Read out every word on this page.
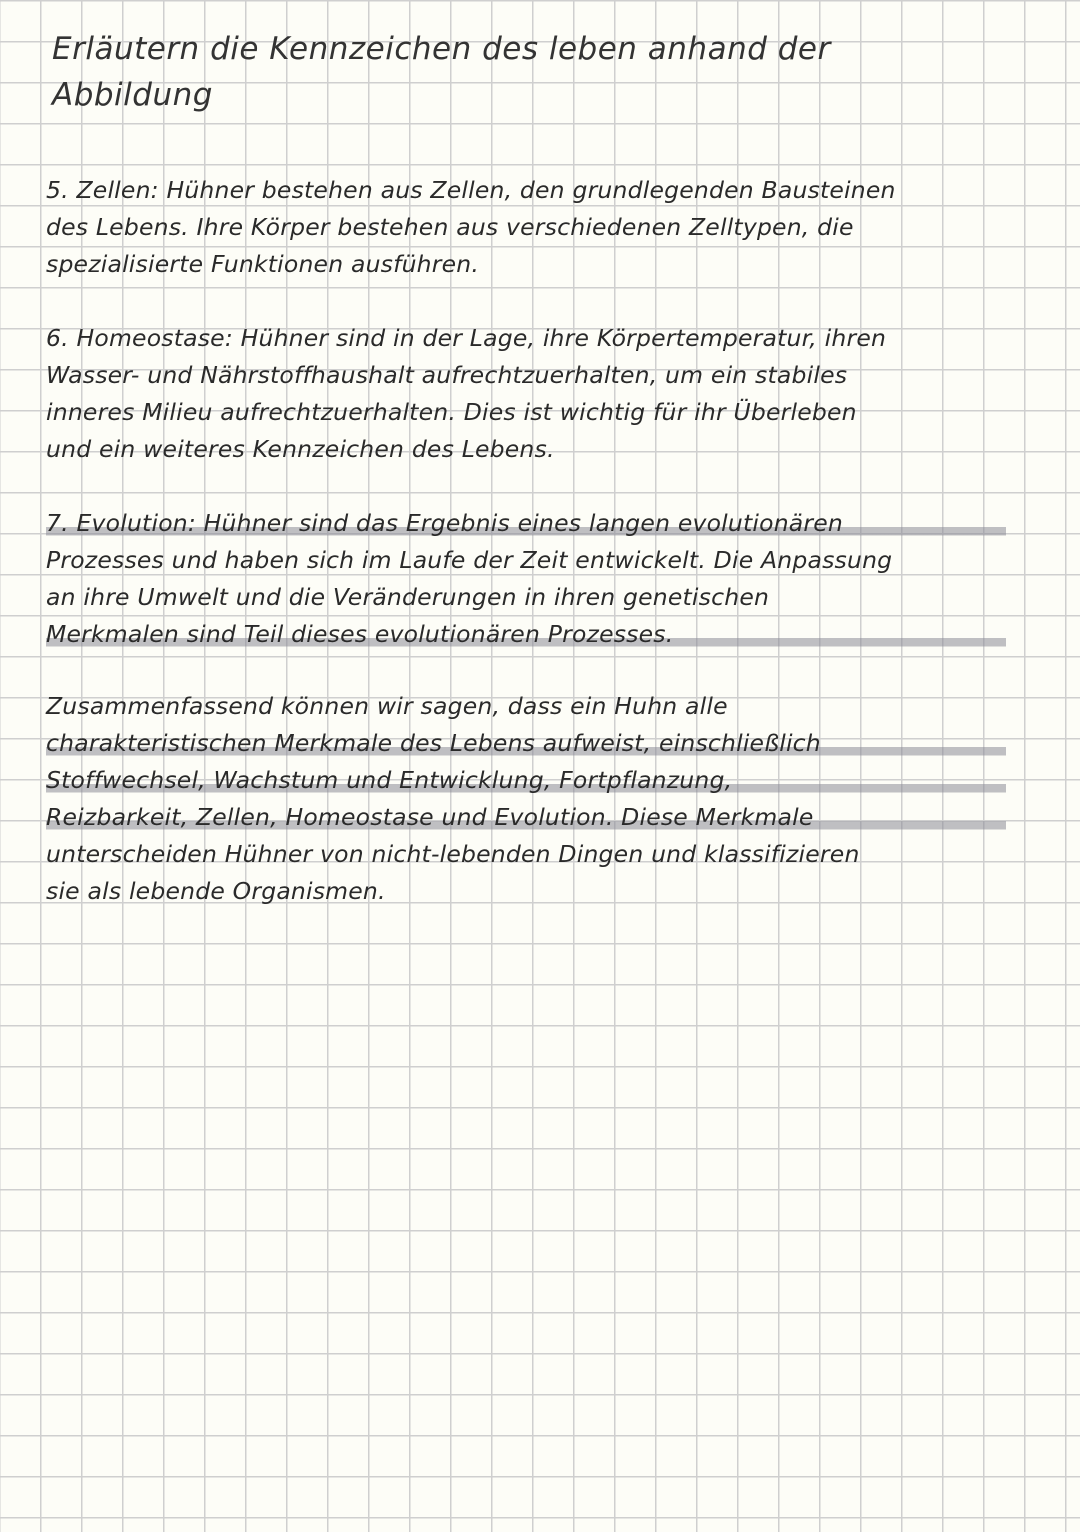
Erläutern die Kennzeichen des leben anhand der
Abbildung
5. Zellen: Hühner bestehen aus Zellen, den grundlegenden Bausteinen
des Lebens. Ihre Körper bestehen aus verschiedenen Zelltypen, die
spezialisierte Funktionen ausführen.
6. Homeostase: Hühner sind in der Lage, ihre Körpertemperatur, ihren
Wasser- und Nährstoffhaushalt aufrechtzuerhalten, um ein stabiles
inneres Milieu aufrechtzuerhalten. Dies ist wichtig für ihr Überleben
und ein weiteres Kennzeichen des Lebens.
7. Evolution: Hühner sind das Ergebnis eines langen evolutionären
Prozesses und haben sich im Laufe der Zeit entwickelt. Die Anpassung
an ihre Umwelt und die Veränderungen in ihren genetischen
Merkmalen sind Teil dieses evolutionären Prozesses.
Zusammenfassend können wir sagen, dass ein Huhn alle
charakteristischen Merkmale des Lebens aufweist, einschließlich
Stoffwechsel, Wachstum und Entwicklung, Fortpflanzung,
Reizbarkeit, Zellen, Homeostase und Evolution. Diese Merkmale
unterscheiden Hühner von nicht-lebenden Dingen und klassifizieren
sie als lebende Organismen.
